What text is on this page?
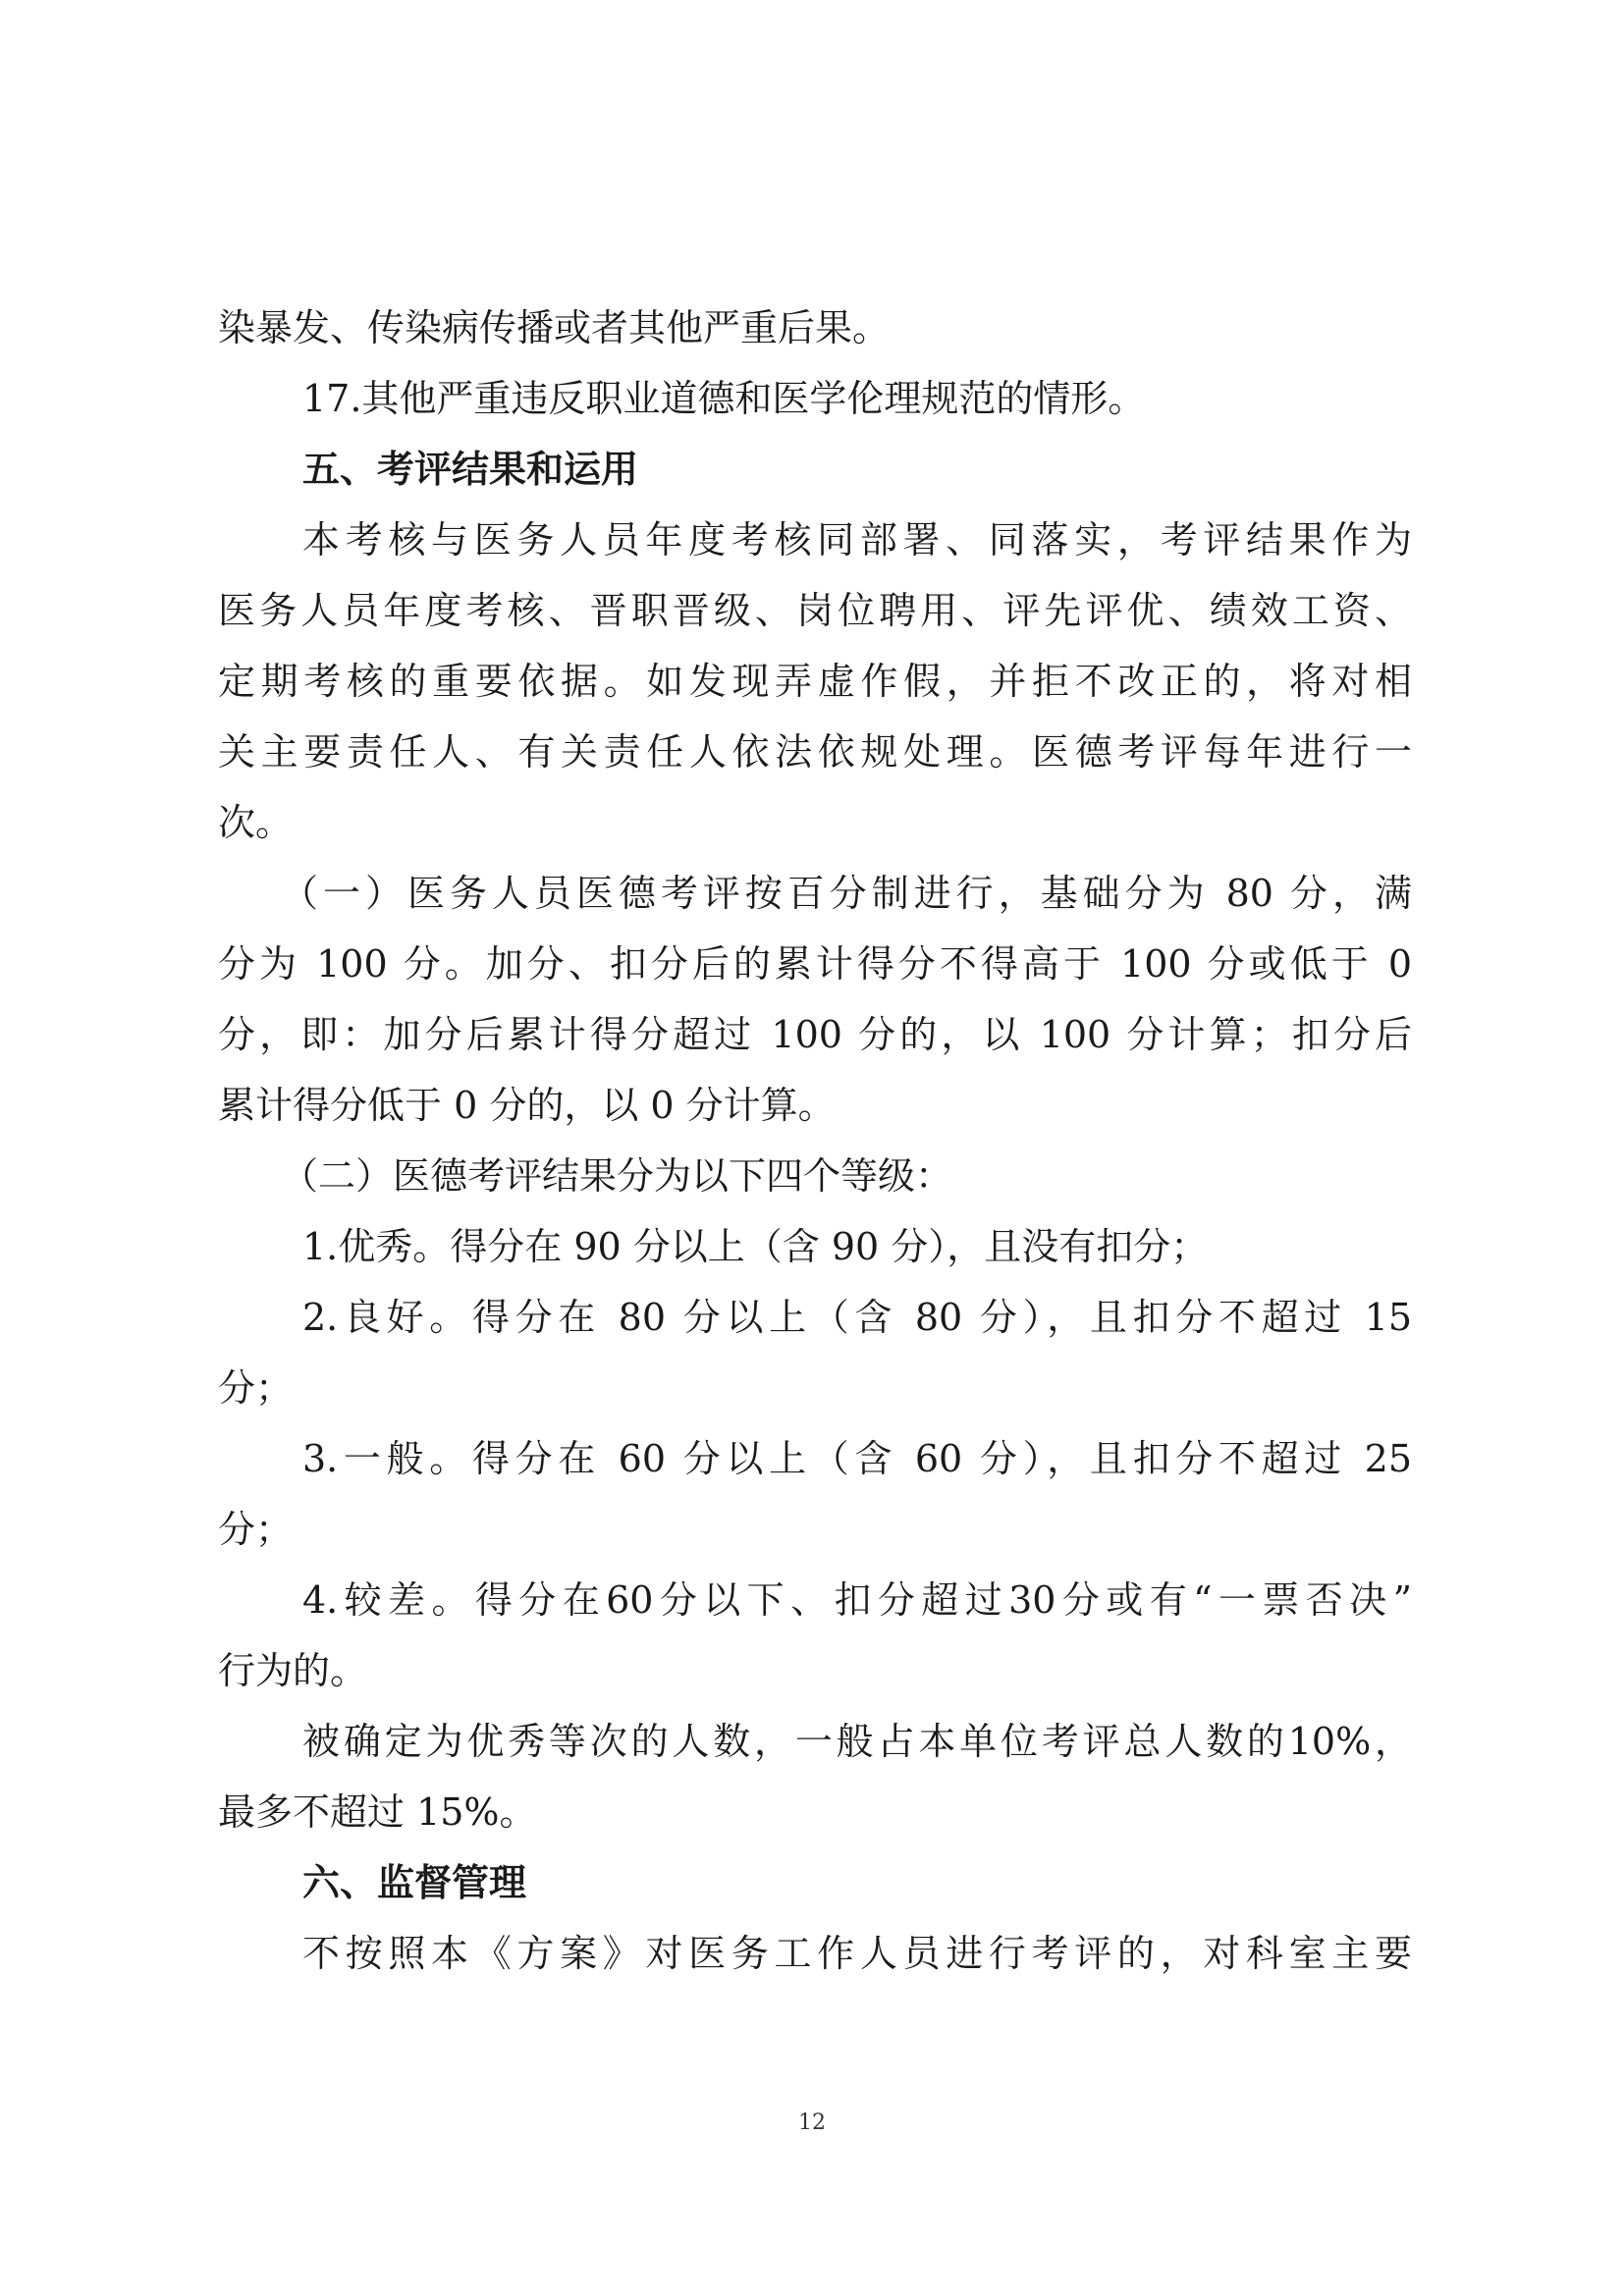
染暴发、传染病传播或者其他严重后果。
17.其他严重违反职业道德和医学伦理规范的情形。
五、考评结果和运用
本考核与医务人员年度考核同部署、同落实，考评结果作为
医务人员年度考核、晋职晋级、岗位聘用、评先评优、绩效工资、
定期考核的重要依据。如发现弄虚作假，并拒不改正的，将对相
关主要责任人、有关责任人依法依规处理。医德考评每年进行一
次。
（一）医务人员医德考评按百分制进行，基础分为 80 分，满
分为 100 分。加分、扣分后的累计得分不得高于 100 分或低于 0
分，即：加分后累计得分超过 100 分的，以 100 分计算；扣分后
累计得分低于 0 分的，以 0 分计算。
（二）医德考评结果分为以下四个等级：
1.优秀。得分在 90 分以上（含 90 分），且没有扣分；
2.良好。得分在 80 分以上（含 80 分），且扣分不超过 15
分；
3.一般。得分在 60 分以上（含 60 分），且扣分不超过 25
分；
4.较差。得分在60分以下、扣分超过30分或有“一票否决”
行为的。
被确定为优秀等次的人数，一般占本单位考评总人数的10%，
最多不超过 15%。
六、监督管理
不按照本《方案》对医务工作人员进行考评的，对科室主要
12
